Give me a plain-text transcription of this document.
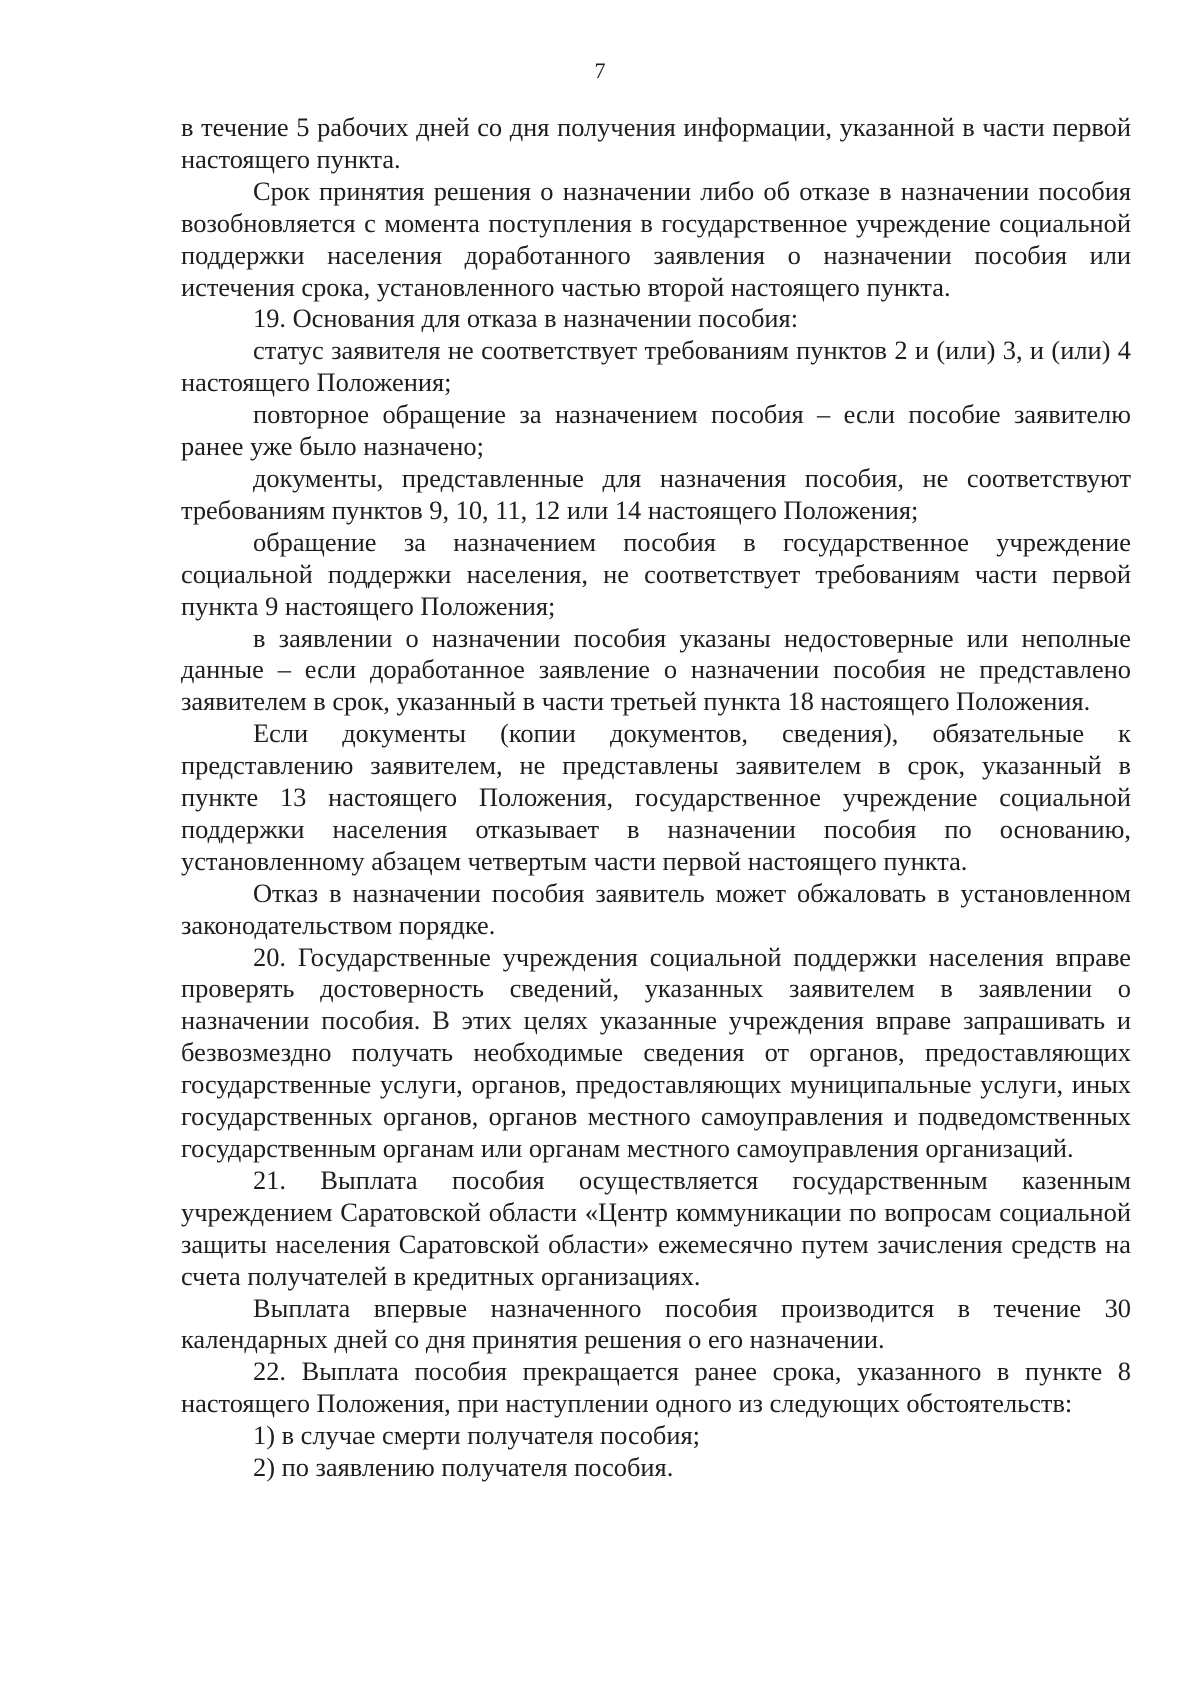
7

в течение 5 рабочих дней со дня получения информации, указанной в части первой настоящего пункта.

Срок принятия решения о назначении либо об отказе в назначении пособия возобновляется с момента поступления в государственное учреждение социальной поддержки населения доработанного заявления о назначении пособия или истечения срока, установленного частью второй настоящего пункта.

19. Основания для отказа в назначении пособия:

статус заявителя не соответствует требованиям пунктов 2 и (или) 3, и (или) 4 настоящего Положения;

повторное обращение за назначением пособия – если пособие заявителю ранее уже было назначено;

документы, представленные для назначения пособия, не соответствуют требованиям пунктов 9, 10, 11, 12 или 14 настоящего Положения;

обращение за назначением пособия в государственное учреждение социальной поддержки населения, не соответствует требованиям части первой пункта 9 настоящего Положения;

в заявлении о назначении пособия указаны недостоверные или неполные данные – если доработанное заявление о назначении пособия не представлено заявителем в срок, указанный в части третьей пункта 18 настоящего Положения.

Если документы (копии документов, сведения), обязательные к представлению заявителем, не представлены заявителем в срок, указанный в пункте 13 настоящего Положения, государственное учреждение социальной поддержки населения отказывает в назначении пособия по основанию, установленному абзацем четвертым части первой настоящего пункта.

Отказ в назначении пособия заявитель может обжаловать в установленном законодательством порядке.

20. Государственные учреждения социальной поддержки населения вправе проверять достоверность сведений, указанных заявителем в заявлении о назначении пособия. В этих целях указанные учреждения вправе запрашивать и безвозмездно получать необходимые сведения от органов, предоставляющих государственные услуги, органов, предоставляющих муниципальные услуги, иных государственных органов, органов местного самоуправления и подведомственных государственным органам или органам местного самоуправления организаций.

21. Выплата пособия осуществляется государственным казенным учреждением Саратовской области «Центр коммуникации по вопросам социальной защиты населения Саратовской области» ежемесячно путем зачисления средств на счета получателей в кредитных организациях.

Выплата впервые назначенного пособия производится в течение 30 календарных дней со дня принятия решения о его назначении.

22. Выплата пособия прекращается ранее срока, указанного в пункте 8 настоящего Положения, при наступлении одного из следующих обстоятельств:

1) в случае смерти получателя пособия;

2) по заявлению получателя пособия.
